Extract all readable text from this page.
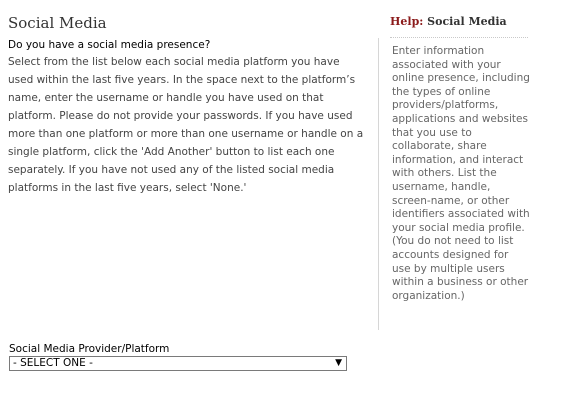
Social Media

Do you have a social media presence?

Select from the list below each social media platform you have used within the last five years. In the space next to the platform’s name, enter the username or handle you have used on that platform. Please do not provide your passwords. If you have used more than one platform or more than one username or handle on a single platform, click the 'Add Another' button to list each one separately. If you have not used any of the listed social media platforms in the last five years, select 'None.'

Help: Social Media

Enter information associated with your online presence, including the types of online providers/platforms, applications and websites that you use to collaborate, share information, and interact with others. List the username, handle, screen-name, or other identifiers associated with your social media profile. (You do not need to list accounts designed for use by multiple users within a business or other organization.)

Social Media Provider/Platform
- SELECT ONE -	▼
